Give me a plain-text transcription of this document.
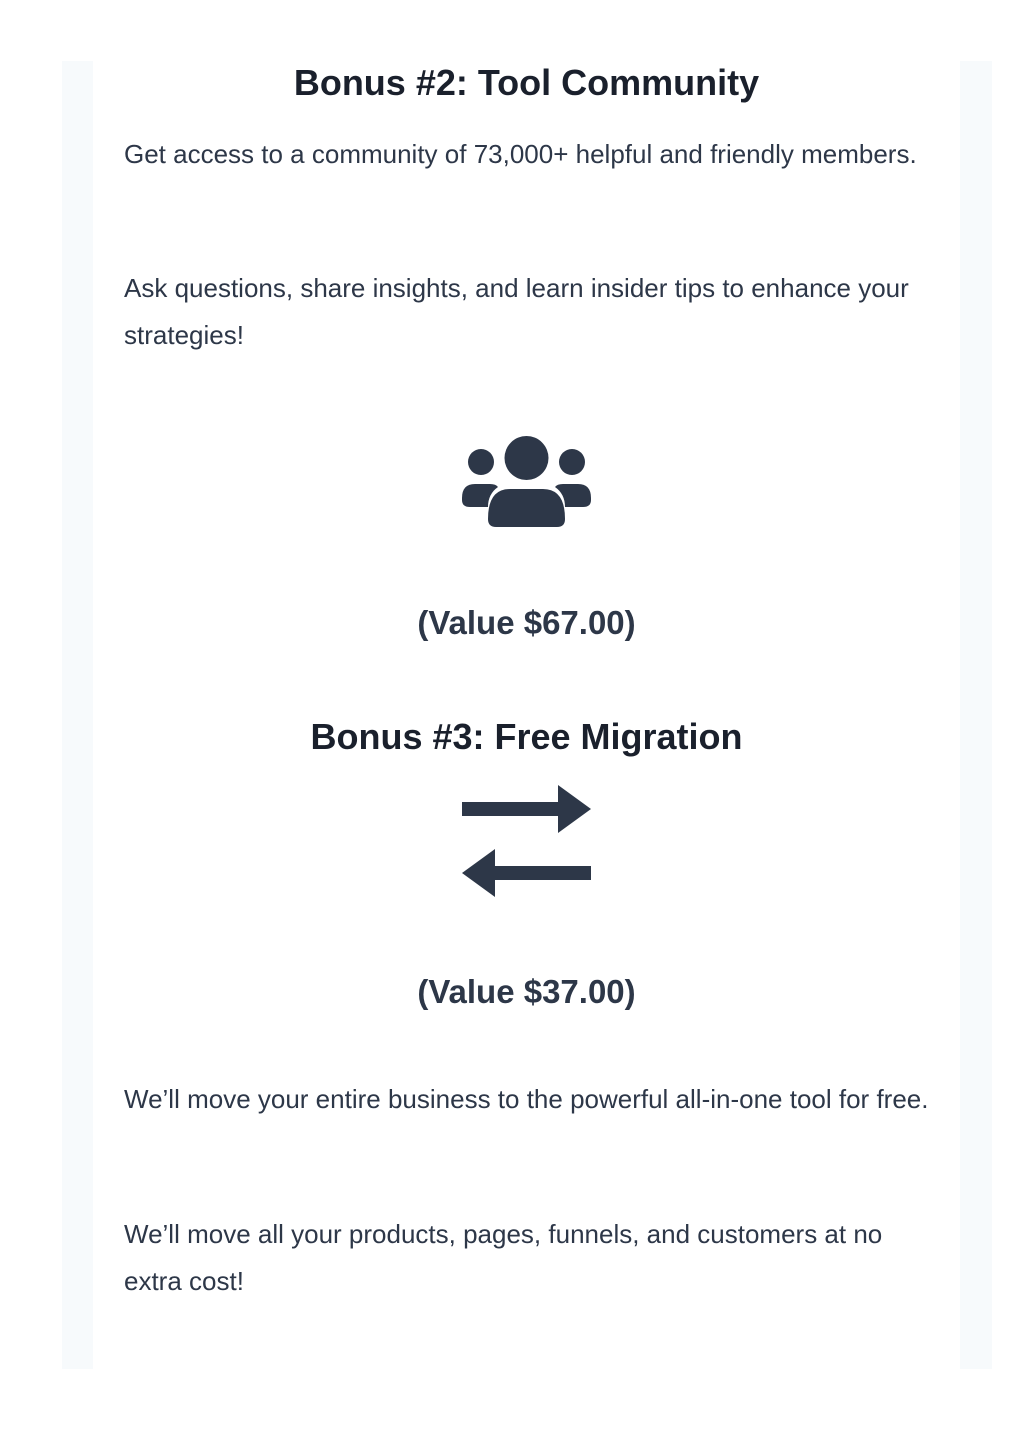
Bonus #2: Tool Community

Get access to a community of 73,000+ helpful and friendly members.

Ask questions, share insights, and learn insider tips to enhance your strategies!

(Value $67.00)
Bonus #3: Free Migration
(Value $37.00)

We’ll move your entire business to the powerful all-in-one tool for free.

We’ll move all your products, pages, funnels, and customers at no extra cost!
